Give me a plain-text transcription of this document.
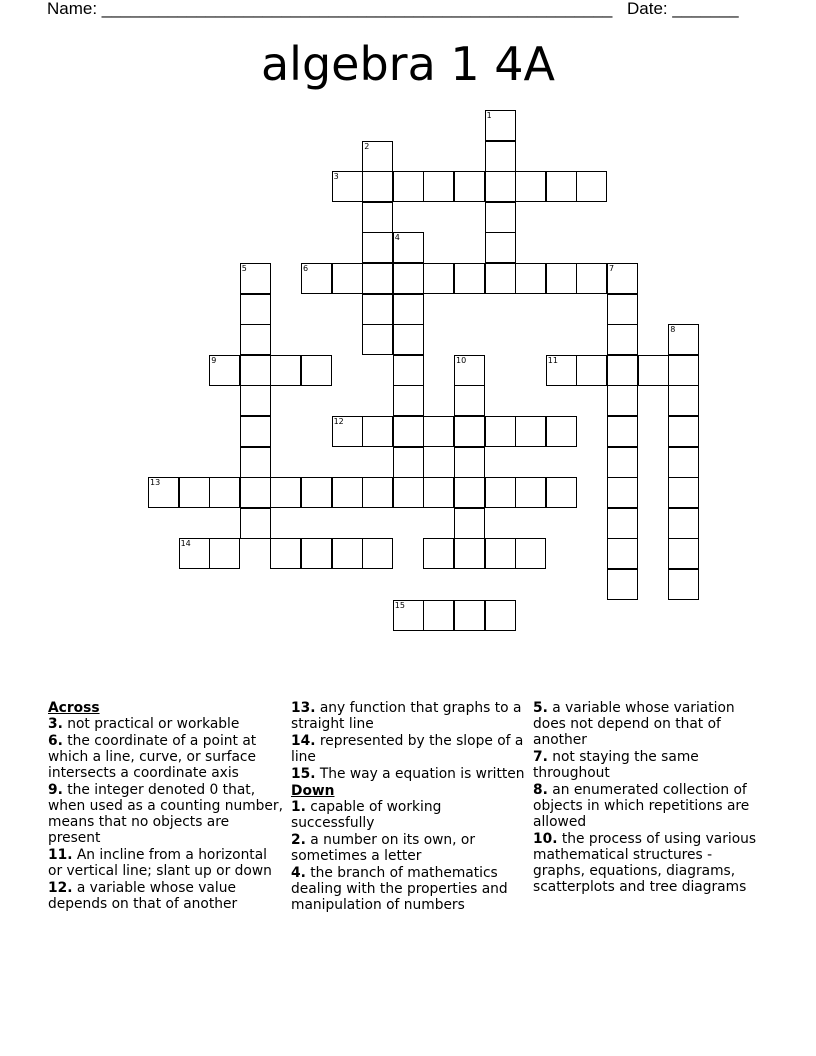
Name: ______________________________________________________ Date: _______
algebra 1 4A
1
2
3
4
5	6	7
8
9	10	11
12
13
14
15
Across
3. not practical or workable
6. the coordinate of a point at which a line, curve, or surface intersects a coordinate axis
9. the integer denoted 0 that, when used as a counting number, means that no objects are present
11. An incline from a horizontal or vertical line; slant up or down
12. a variable whose value depends on that of another
13. any function that graphs to a straight line
14. represented by the slope of a line
15. The way a equation is written
Down
1. capable of working successfully
2. a number on its own, or sometimes a letter
4. the branch of mathematics dealing with the properties and manipulation of numbers
5. a variable whose variation does not depend on that of another
7. not staying the same throughout
8. an enumerated collection of objects in which repetitions are allowed
10. the process of using various mathematical structures - graphs, equations, diagrams, scatterplots and tree diagrams
